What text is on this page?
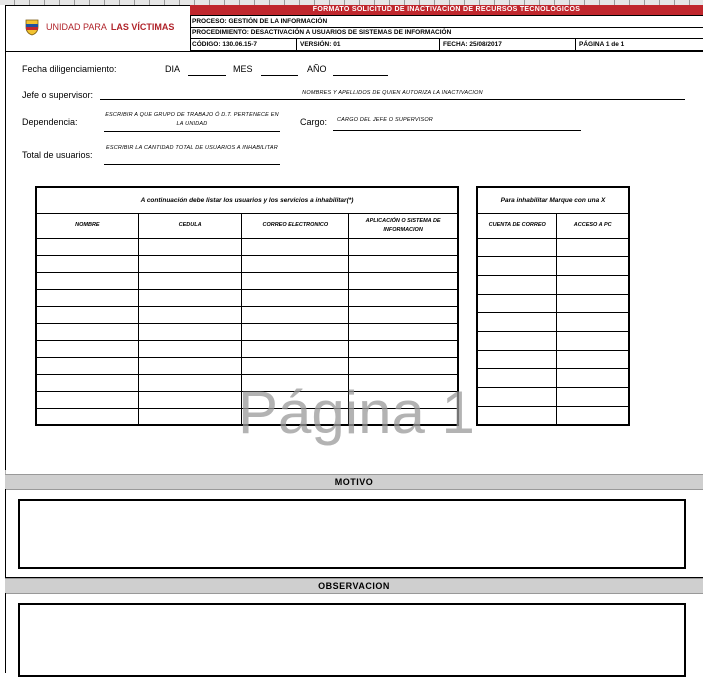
UNIDAD PARA LAS VÍCTIMAS
FORMATO SOLICITUD DE INACTIVACIÓN DE RECURSOS TECNOLÓGICOS
PROCESO: GESTIÓN DE LA INFORMACIÓN
PROCEDIMIENTO: DESACTIVACIÓN A USUARIOS DE SISTEMAS DE INFORMACIÓN
CÓDIGO: 130.06.15-7	VERSIÓN: 01	FECHA: 25/08/2017	PÁGINA 1 de 1
Fecha diligenciamiento:	DIA	MES	AÑO
Jefe o supervisor:	NOMBRES Y APELLIDOS DE QUIEN AUTORIZA LA INACTIVACION
Dependencia:
ESCRIBIR A QUE GRUPO DE TRABAJO Ó D.T. PERTENECE EN LA UNIDAD	Cargo:	CARGO DEL JEFE O SUPERVISOR
Total de usuarios:
ESCRIBIR LA CANTIDAD TOTAL DE USUARIOS A INHABILITAR
A continuación debe listar los usuarios y los servicios a inhabilitar(*)			
NOMBRE	CEDULA	CORREO ELECTRONICO	APLICACIÓN O SISTEMA DE INFORMACION

Para inhabilitar Marque con una X	
CUENTA DE CORREO	ACCESO A PC

Página 1
MOTIVO
OBSERVACION
